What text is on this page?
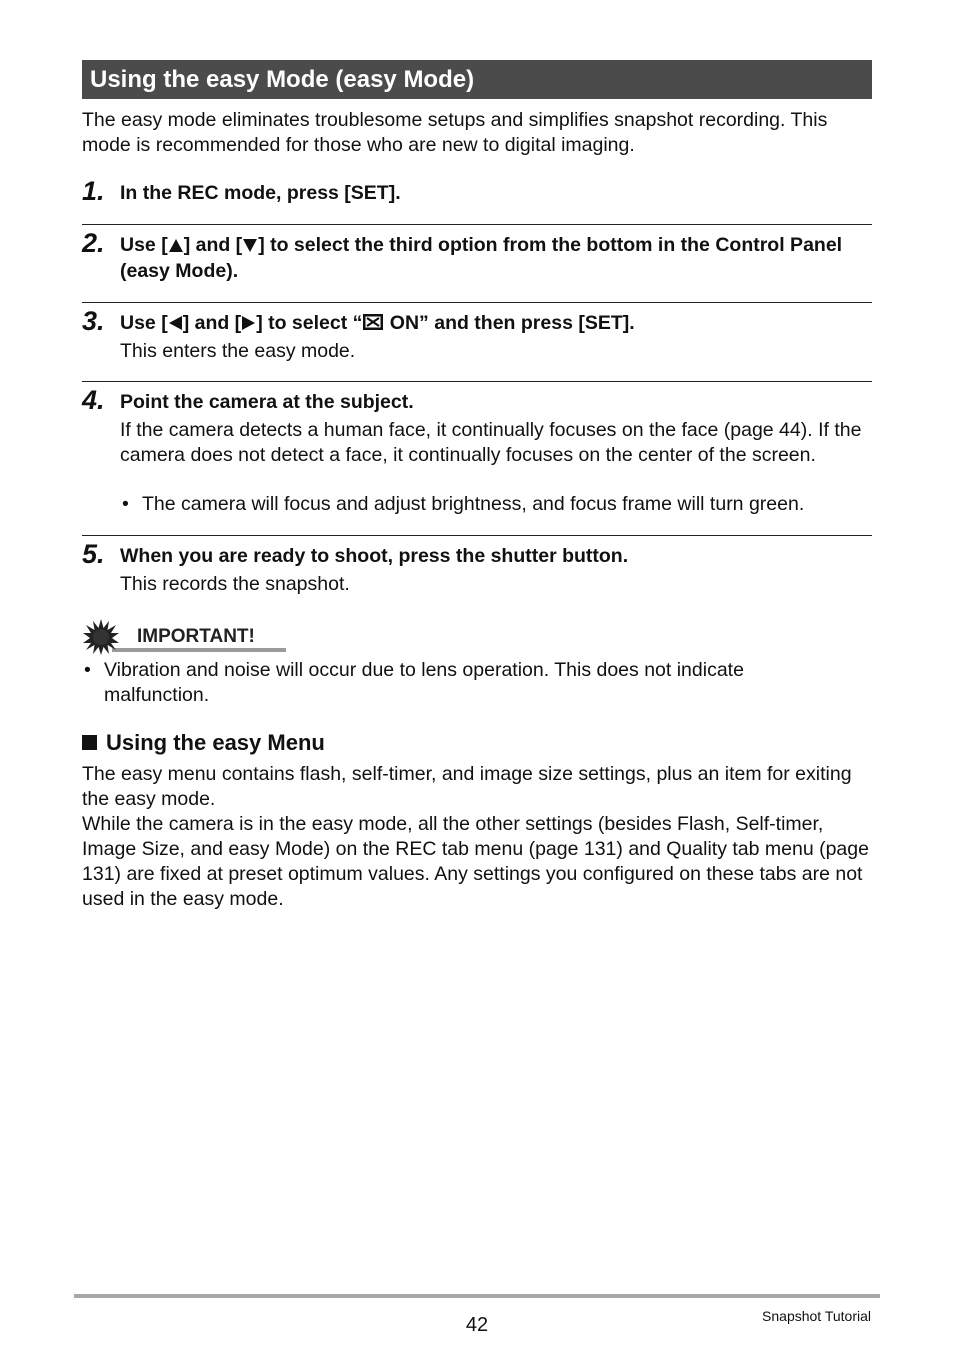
Using the easy Mode (easy Mode)

The easy mode eliminates troublesome setups and simplifies snapshot recording. This mode is recommended for those who are new to digital imaging.

1. In the REC mode, press [SET].

2. Use [ ] and [ ] to select the third option from the bottom in the Control Panel (easy Mode).

3. Use [ ] and [ ] to select “ ON” and then press [SET].

This enters the easy mode.

4. Point the camera at the subject.

If the camera detects a human face, it continually focuses on the face (page 44). If the camera does not detect a face, it continually focuses on the center of the screen.

• The camera will focus and adjust brightness, and focus frame will turn green.

5. When you are ready to shoot, press the shutter button.

This records the snapshot.

IMPORTANT!
• Vibration and noise will occur due to lens operation. This does not indicate malfunction.

Using the easy Menu

The easy menu contains flash, self-timer, and image size settings, plus an item for exiting the easy mode.

While the camera is in the easy mode, all the other settings (besides Flash, Self-timer, Image Size, and easy Mode) on the REC tab menu (page 131) and Quality tab menu (page 131) are fixed at preset optimum values. Any settings you configured on these tabs are not used in the easy mode.

42	Snapshot Tutorial
